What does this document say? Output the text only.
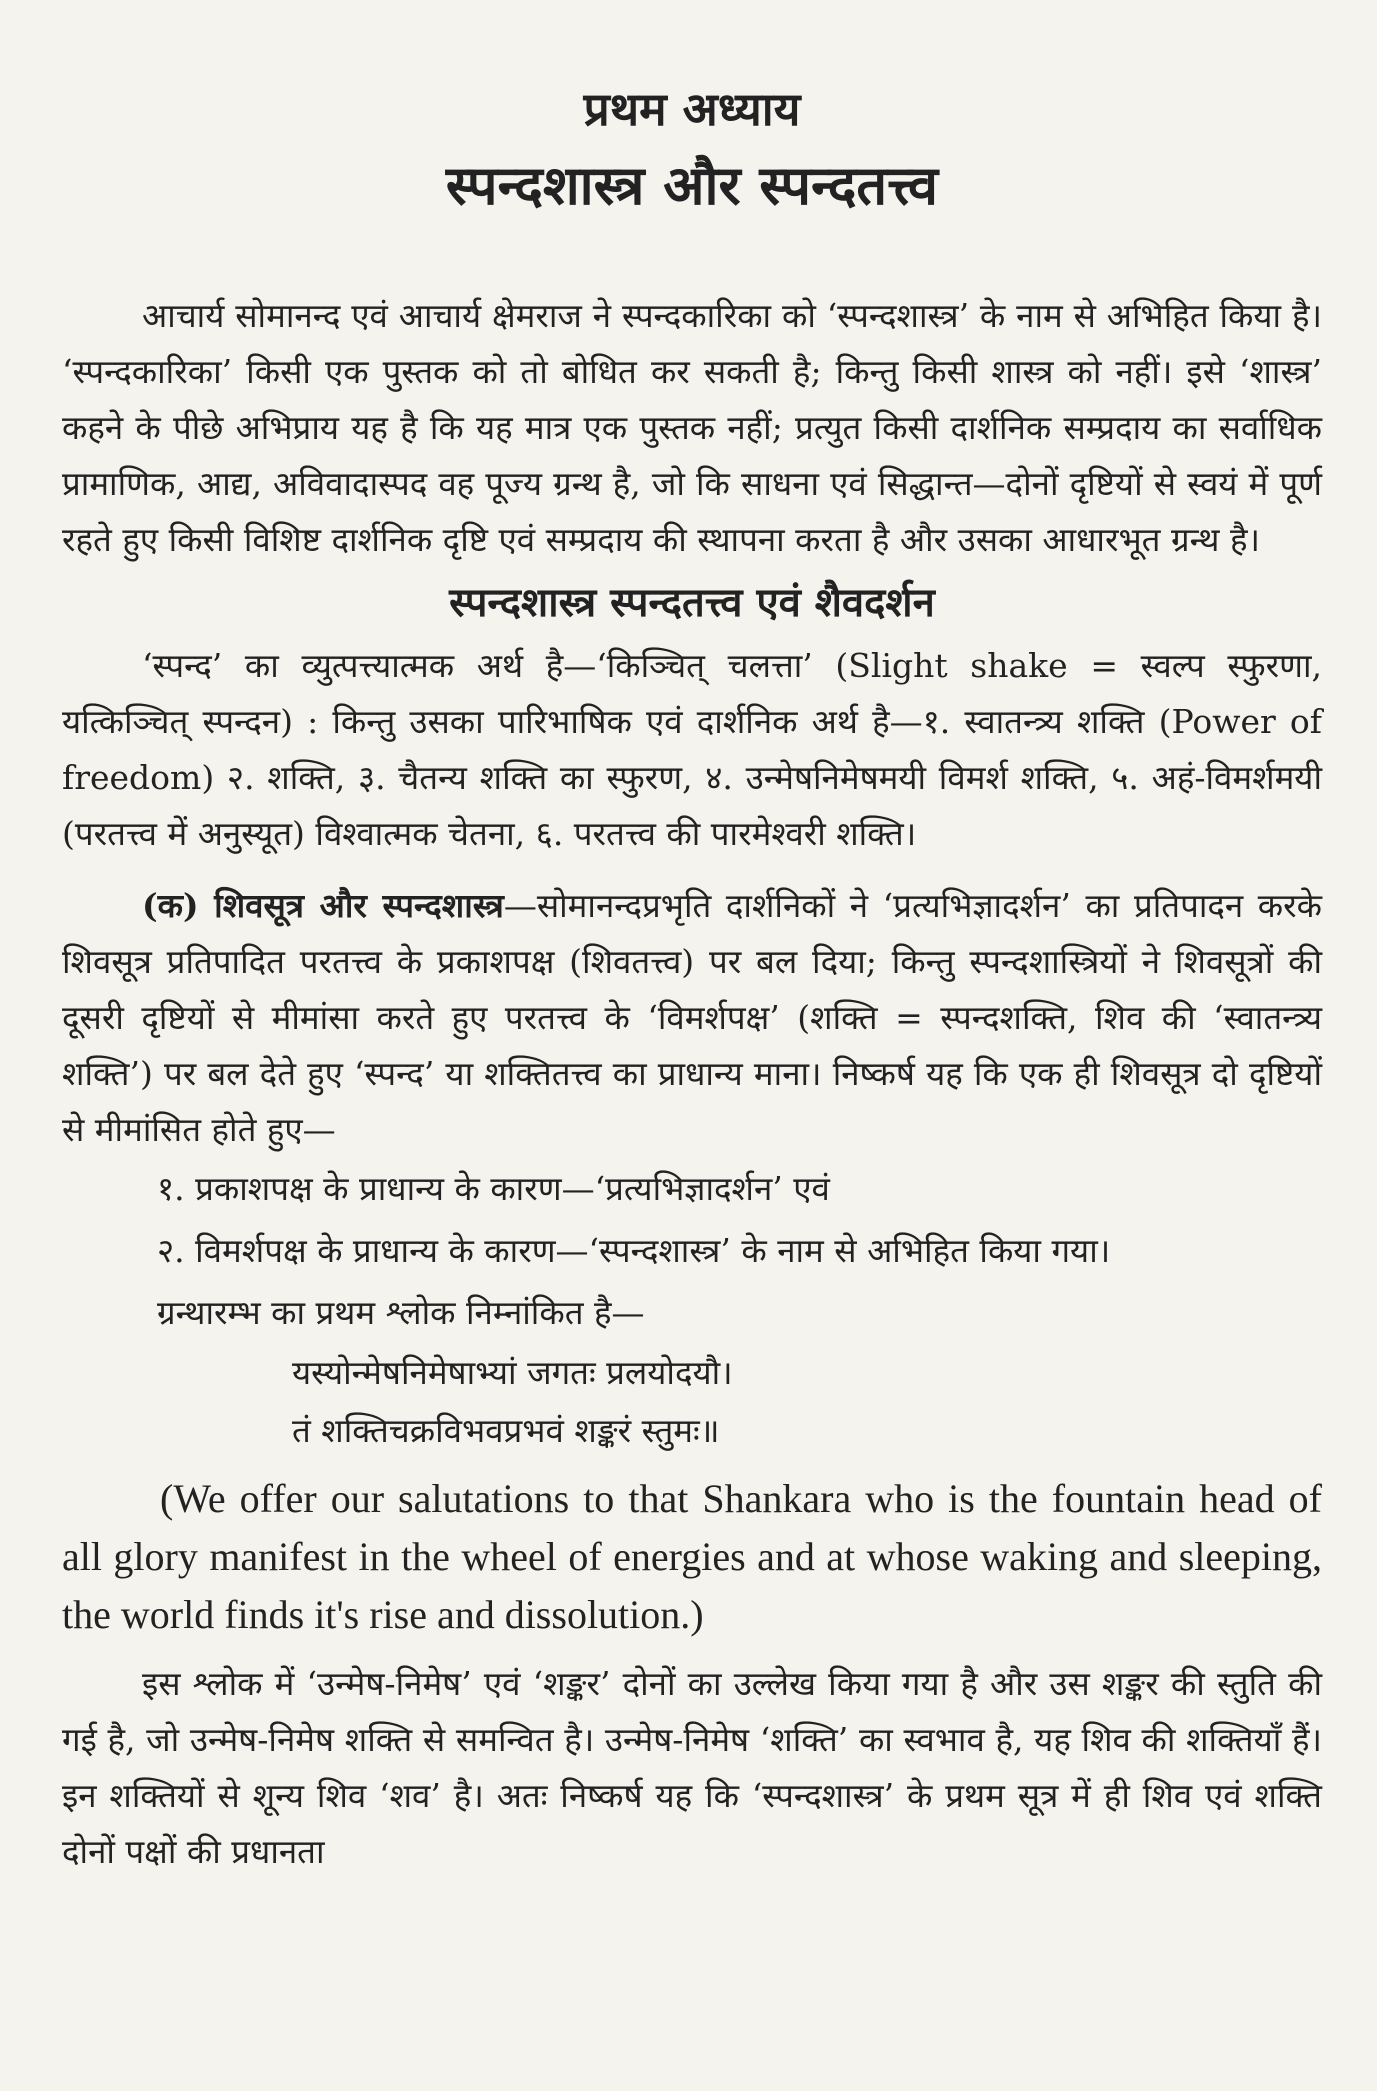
प्रथम अध्याय
स्पन्दशास्त्र और स्पन्दतत्त्व

आचार्य सोमानन्द एवं आचार्य क्षेमराज ने स्पन्दकारिका को ‘स्पन्दशास्त्र’ के नाम से अभिहित किया है। ‘स्पन्दकारिका’ किसी एक पुस्तक को तो बोधित कर सकती है; किन्तु किसी शास्त्र को नहीं। इसे ‘शास्त्र’ कहने के पीछे अभिप्राय यह है कि यह मात्र एक पुस्तक नहीं; प्रत्युत किसी दार्शनिक सम्प्रदाय का सर्वाधिक प्रामाणिक, आद्य, अविवादास्पद वह पूज्य ग्रन्थ है, जो कि साधना एवं सिद्धान्त—दोनों दृष्टियों से स्वयं में पूर्ण रहते हुए किसी विशिष्ट दार्शनिक दृष्टि एवं सम्प्रदाय की स्थापना करता है और उसका आधारभूत ग्रन्थ है।

स्पन्दशास्त्र स्पन्दतत्त्व एवं शैवदर्शन

‘स्पन्द’ का व्युत्पत्त्यात्मक अर्थ है—‘किञ्चित् चलत्ता’ (Slight shake = स्वल्प स्फुरणा, यत्किञ्चित् स्पन्दन) : किन्तु उसका पारिभाषिक एवं दार्शनिक अर्थ है—१. स्वातन्त्र्य शक्ति (Power of freedom) २. शक्ति, ३. चैतन्य शक्ति का स्फुरण, ४. उन्मेषनिमेषमयी विमर्श शक्ति, ५. अहं-विमर्शमयी (परतत्त्व में अनुस्यूत) विश्वात्मक चेतना, ६. परतत्त्व की पारमेश्वरी शक्ति।

(क) शिवसूत्र और स्पन्दशास्त्र—सोमानन्दप्रभृति दार्शनिकों ने ‘प्रत्यभिज्ञादर्शन’ का प्रतिपादन करके शिवसूत्र प्रतिपादित परतत्त्व के प्रकाशपक्ष (शिवतत्त्व) पर बल दिया; किन्तु स्पन्दशास्त्रियों ने शिवसूत्रों की दूसरी दृष्टियों से मीमांसा करते हुए परतत्त्व के ‘विमर्शपक्ष’ (शक्ति = स्पन्दशक्ति, शिव की ‘स्वातन्त्र्य शक्ति’) पर बल देते हुए ‘स्पन्द’ या शक्तितत्त्व का प्राधान्य माना। निष्कर्ष यह कि एक ही शिवसूत्र दो दृष्टियों से मीमांसित होते हुए—

१. प्रकाशपक्ष के प्राधान्य के कारण—‘प्रत्यभिज्ञादर्शन’ एवं

२. विमर्शपक्ष के प्राधान्य के कारण—‘स्पन्दशास्त्र’ के नाम से अभिहित किया गया।

ग्रन्थारम्भ का प्रथम श्लोक निम्नांकित है—

यस्योन्मेषनिमेषाभ्यां जगतः प्रलयोदयौ।

तं शक्तिचक्रविभवप्रभवं शङ्करं स्तुमः॥

(We offer our salutations to that Shankara who is the fountain head of all glory manifest in the wheel of energies and at whose waking and sleeping, the world finds it's rise and dissolution.)

इस श्लोक में ‘उन्मेष-निमेष’ एवं ‘शङ्कर’ दोनों का उल्लेख किया गया है और उस शङ्कर की स्तुति की गई है, जो उन्मेष-निमेष शक्ति से समन्वित है। उन्मेष-निमेष ‘शक्ति’ का स्वभाव है, यह शिव की शक्तियाँ हैं। इन शक्तियों से शून्य शिव ‘शव’ है। अतः निष्कर्ष यह कि ‘स्पन्दशास्त्र’ के प्रथम सूत्र में ही शिव एवं शक्ति दोनों पक्षों की प्रधानता
